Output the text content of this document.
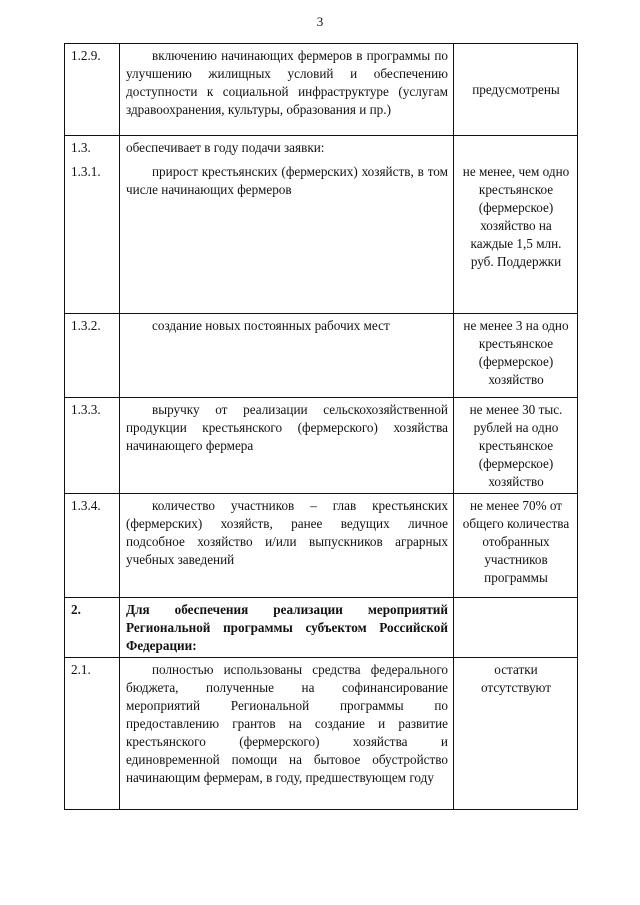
3
1.2.9.	включению начинающих фермеров в программы по улучшению жилищных условий и обеспечению доступности к социальной инфраструктуре (услугам здравоохранения, культуры, образования и пр.)	предусмотрены
1.3.	обеспечивает в году подачи заявки:	
1.3.1.	прирост крестьянских (фермерских) хозяйств, в том числе начинающих фермеров	не менее, чем одно крестьянское (фермерское) хозяйство на каждые 1,5 млн. руб. Поддержки
1.3.2.	создание новых постоянных рабочих мест	не менее 3 на одно крестьянское (фермерское) хозяйство
1.3.3.	выручку от реализации сельскохозяйственной продукции крестьянского (фермерского) хозяйства начинающего фермера	не менее 30 тыс. рублей на одно крестьянское (фермерское) хозяйство
1.3.4.	количество участников – глав крестьянских (фермерских) хозяйств, ранее ведущих личное подсобное хозяйство и/или выпускников аграрных учебных заведений	не менее 70% от общего количества отобранных участников программы
2.	Для обеспечения реализации мероприятий Региональной программы субъектом Российской Федерации:	
2.1.	полностью использованы средства федерального бюджета, полученные на софинансирование мероприятий Региональной программы по предоставлению грантов на создание и развитие крестьянского (фермерского) хозяйства и единовременной помощи на бытовое обустройство начинающим фермерам, в году, предшествующем году	остатки отсутствуют
